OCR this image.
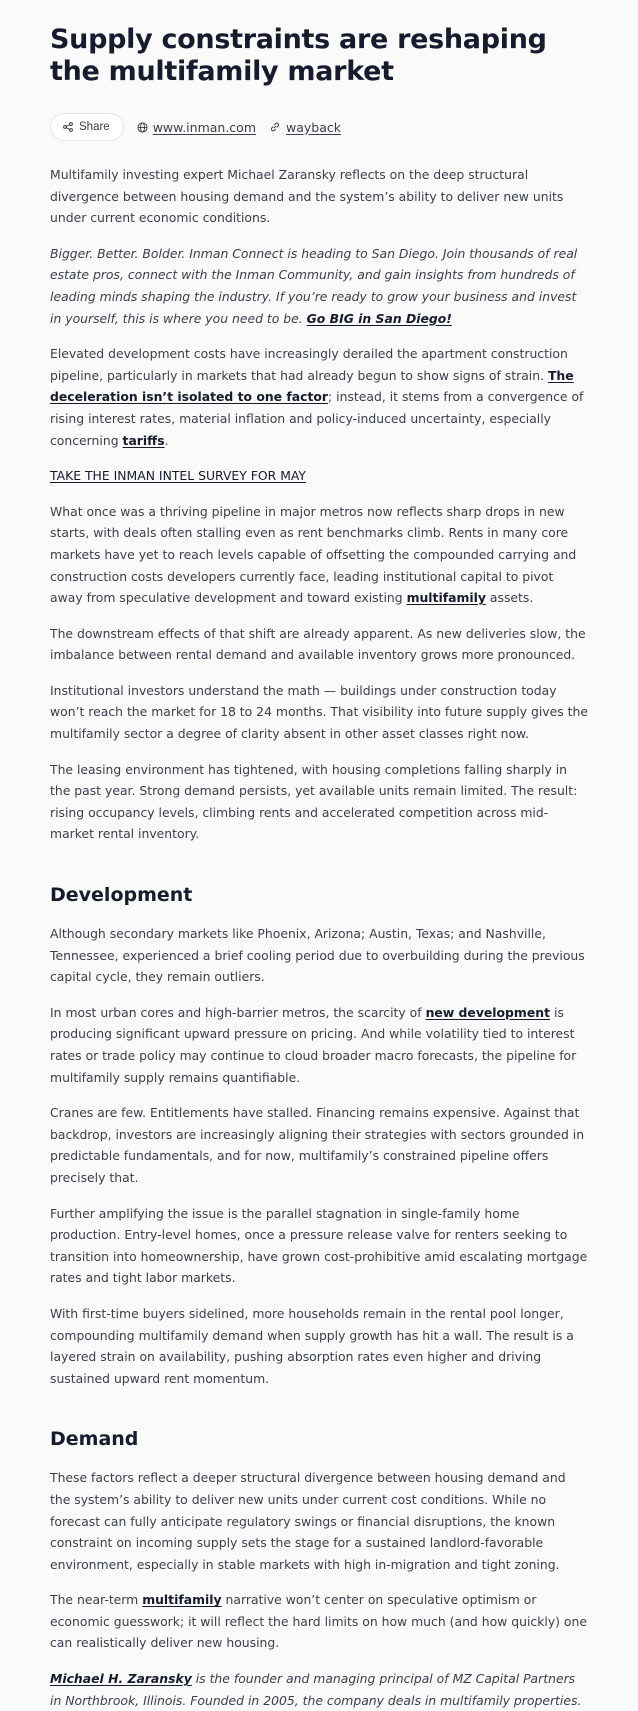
Supply constraints are reshaping the multifamily market
Share	www.inman.com wayback

Multifamily investing expert Michael Zaransky reflects on the deep structural divergence between housing demand and the system’s ability to deliver new units under current economic conditions.

Bigger. Better. Bolder. Inman Connect is heading to San Diego. Join thousands of real estate pros, connect with the Inman Community, and gain insights from hundreds of leading minds shaping the industry. If you’re ready to grow your business and invest in yourself, this is where you need to be. Go BIG in San Diego!

Elevated development costs have increasingly derailed the apartment construction pipeline, particularly in markets that had already begun to show signs of strain. The deceleration isn’t isolated to one factor; instead, it stems from a convergence of rising interest rates, material inflation and policy-induced uncertainty, especially concerning tariffs.

TAKE THE INMAN INTEL SURVEY FOR MAY

What once was a thriving pipeline in major metros now reflects sharp drops in new starts, with deals often stalling even as rent benchmarks climb. Rents in many core markets have yet to reach levels capable of offsetting the compounded carrying and construction costs developers currently face, leading institutional capital to pivot away from speculative development and toward existing multifamily assets.

The downstream effects of that shift are already apparent. As new deliveries slow, the imbalance between rental demand and available inventory grows more pronounced.

Institutional investors understand the math — buildings under construction today won’t reach the market for 18 to 24 months. That visibility into future supply gives the multifamily sector a degree of clarity absent in other asset classes right now.

The leasing environment has tightened, with housing completions falling sharply in the past year. Strong demand persists, yet available units remain limited. The result: rising occupancy levels, climbing rents and accelerated competition across mid-market rental inventory.

Development

Although secondary markets like Phoenix, Arizona; Austin, Texas; and Nashville, Tennessee, experienced a brief cooling period due to overbuilding during the previous capital cycle, they remain outliers.

In most urban cores and high-barrier metros, the scarcity of new development is producing significant upward pressure on pricing. And while volatility tied to interest rates or trade policy may continue to cloud broader macro forecasts, the pipeline for multifamily supply remains quantifiable.

Cranes are few. Entitlements have stalled. Financing remains expensive. Against that backdrop, investors are increasingly aligning their strategies with sectors grounded in predictable fundamentals, and for now, multifamily’s constrained pipeline offers precisely that.

Further amplifying the issue is the parallel stagnation in single-family home production. Entry-level homes, once a pressure release valve for renters seeking to transition into homeownership, have grown cost-prohibitive amid escalating mortgage rates and tight labor markets.

With first-time buyers sidelined, more households remain in the rental pool longer, compounding multifamily demand when supply growth has hit a wall. The result is a layered strain on availability, pushing absorption rates even higher and driving sustained upward rent momentum.

Demand

These factors reflect a deeper structural divergence between housing demand and the system’s ability to deliver new units under current cost conditions. While no forecast can fully anticipate regulatory swings or financial disruptions, the known constraint on incoming supply sets the stage for a sustained landlord-favorable environment, especially in stable markets with high in-migration and tight zoning.

The near-term multifamily narrative won’t center on speculative optimism or economic guesswork; it will reflect the hard limits on how much (and how quickly) one can realistically deliver new housing.

Michael H. Zaransky is the founder and managing principal of MZ Capital Partners in Northbrook, Illinois. Founded in 2005, the company deals in multifamily properties.
